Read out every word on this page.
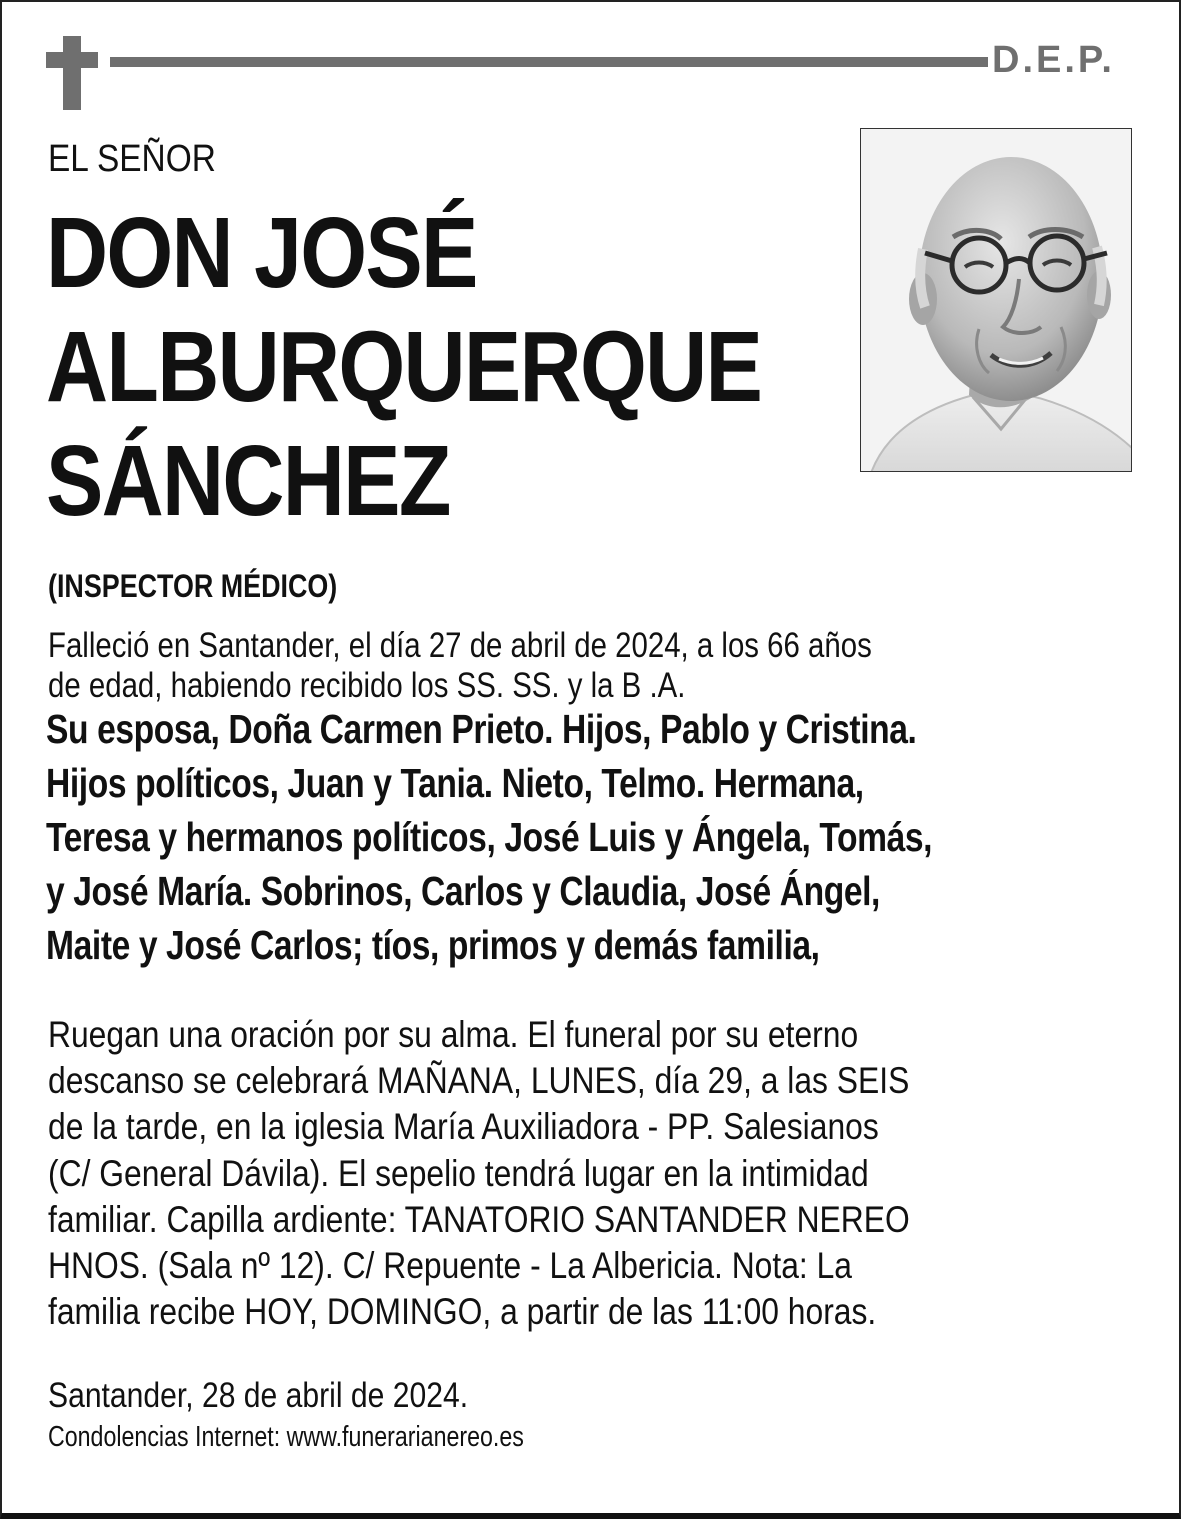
D.E.P.
EL SEÑOR
DON JOSÉ
ALBURQUERQUE
SÁNCHEZ
(INSPECTOR MÉDICO)
Falleció en Santander, el día 27 de abril de 2024, a los 66 años
de edad, habiendo recibido los SS. SS. y la B .A.
Su esposa, Doña Carmen Prieto. Hijos, Pablo y Cristina.
Hijos políticos, Juan y Tania. Nieto, Telmo. Hermana,
Teresa y hermanos políticos, José Luis y Ángela, Tomás,
y José María. Sobrinos, Carlos y Claudia, José Ángel,
Maite y José Carlos; tíos, primos y demás familia,
Ruegan una oración por su alma. El funeral por su eterno
descanso se celebrará MAÑANA, LUNES, día 29, a las SEIS
de la tarde, en la iglesia María Auxiliadora - PP. Salesianos
(C/ General Dávila). El sepelio tendrá lugar en la intimidad
familiar. Capilla ardiente: TANATORIO SANTANDER NEREO
HNOS. (Sala nº 12). C/ Repuente - La Albericia. Nota: La
familia recibe HOY, DOMINGO, a partir de las 11:00 horas.
Santander, 28 de abril de 2024.
Condolencias Internet: www.funerarianereo.es
